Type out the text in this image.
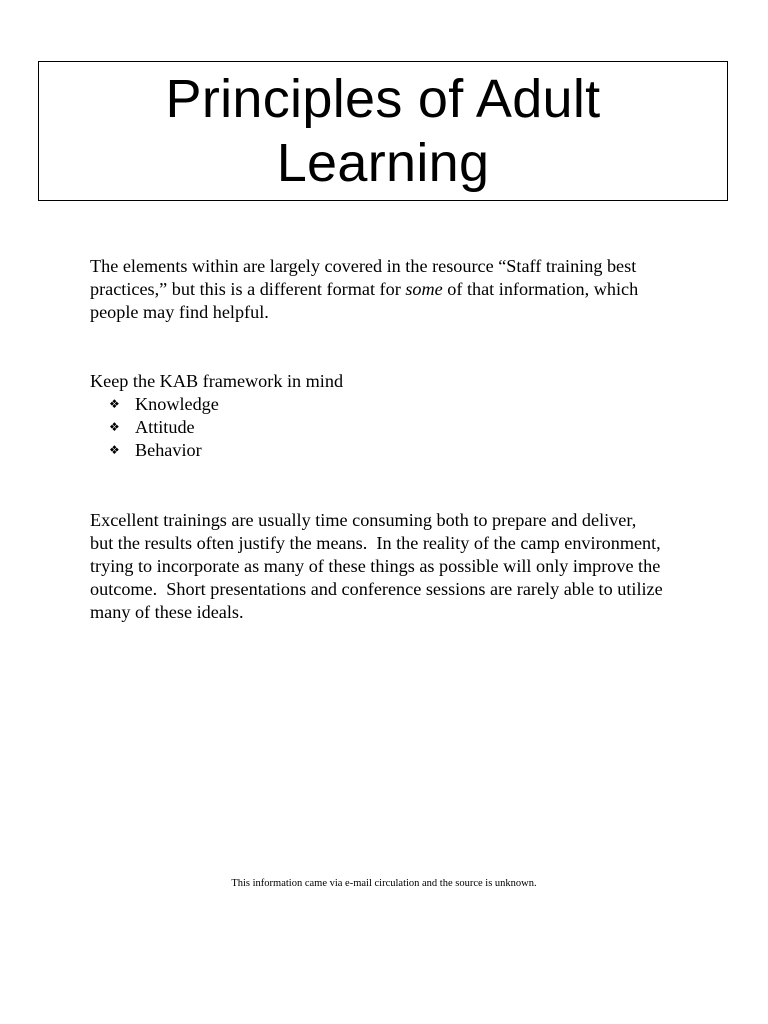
Principles of Adult
Learning

The elements within are largely covered in the resource “Staff training best
practices,” but this is a different format for some of that information, which
people may find helpful.

Keep the KAB framework in mind
❖ Knowledge
❖ Attitude
❖ Behavior

Excellent trainings are usually time consuming both to prepare and deliver,
but the results often justify the means.  In the reality of the camp environment,
trying to incorporate as many of these things as possible will only improve the
outcome.  Short presentations and conference sessions are rarely able to utilize
many of these ideals.

This information came via e-mail circulation and the source is unknown.
